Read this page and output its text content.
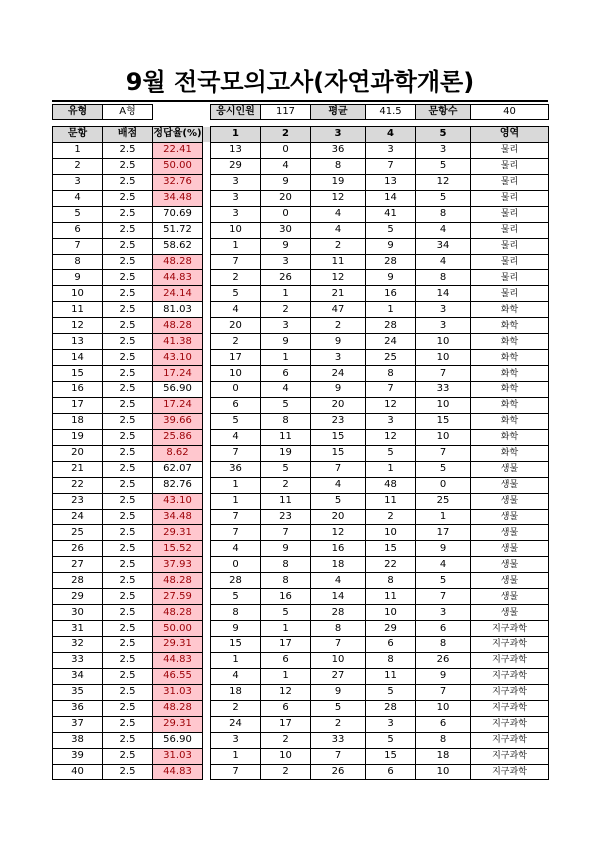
9월 전국모의고사(자연과학개론)
유형	A형			응시인원	117	평균	41.5	문항수	40
문항	배점	정답율(%)		1	2	3	4	5	영역
1	2.5	22.41		13	0	36	3	3	물리
2	2.5	50.00		29	4	8	7	5	물리
3	2.5	32.76		3	9	19	13	12	물리
4	2.5	34.48		3	20	12	14	5	물리
5	2.5	70.69		3	0	4	41	8	물리
6	2.5	51.72		10	30	4	5	4	물리
7	2.5	58.62		1	9	2	9	34	물리
8	2.5	48.28		7	3	11	28	4	물리
9	2.5	44.83		2	26	12	9	8	물리
10	2.5	24.14		5	1	21	16	14	물리
11	2.5	81.03		4	2	47	1	3	화학
12	2.5	48.28		20	3	2	28	3	화학
13	2.5	41.38		2	9	9	24	10	화학
14	2.5	43.10		17	1	3	25	10	화학
15	2.5	17.24		10	6	24	8	7	화학
16	2.5	56.90		0	4	9	7	33	화학
17	2.5	17.24		6	5	20	12	10	화학
18	2.5	39.66		5	8	23	3	15	화학
19	2.5	25.86		4	11	15	12	10	화학
20	2.5	8.62		7	19	15	5	7	화학
21	2.5	62.07		36	5	7	1	5	생물
22	2.5	82.76		1	2	4	48	0	생물
23	2.5	43.10		1	11	5	11	25	생물
24	2.5	34.48		7	23	20	2	1	생물
25	2.5	29.31		7	7	12	10	17	생물
26	2.5	15.52		4	9	16	15	9	생물
27	2.5	37.93		0	8	18	22	4	생물
28	2.5	48.28		28	8	4	8	5	생물
29	2.5	27.59		5	16	14	11	7	생물
30	2.5	48.28		8	5	28	10	3	생물
31	2.5	50.00		9	1	8	29	6	지구과학
32	2.5	29.31		15	17	7	6	8	지구과학
33	2.5	44.83		1	6	10	8	26	지구과학
34	2.5	46.55		4	1	27	11	9	지구과학
35	2.5	31.03		18	12	9	5	7	지구과학
36	2.5	48.28		2	6	5	28	10	지구과학
37	2.5	29.31		24	17	2	3	6	지구과학
38	2.5	56.90		3	2	33	5	8	지구과학
39	2.5	31.03		1	10	7	15	18	지구과학
40	2.5	44.83		7	2	26	6	10	지구과학
